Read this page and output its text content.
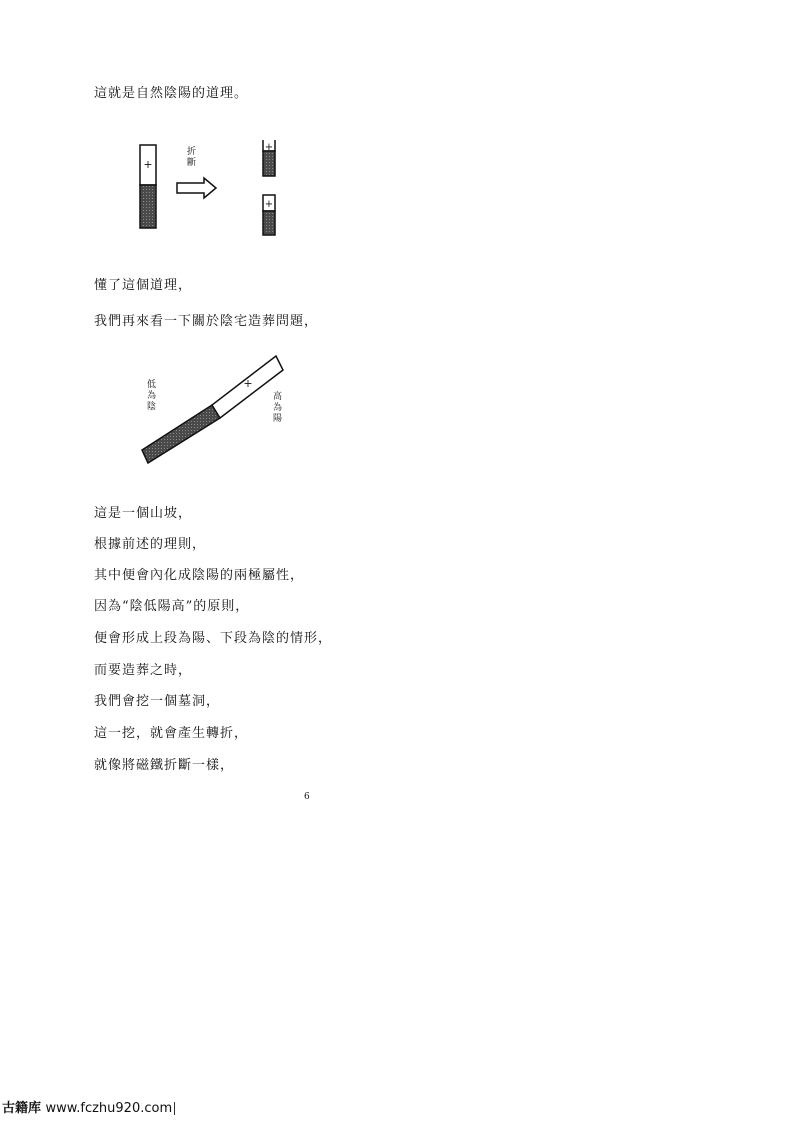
這就是自然陰陽的道理。
+
+
+
折斷
懂了這個道理，
我們再來看一下關於陰宅造葬問題，
+
低為陰	高為陽
這是一個山坡，
根據前述的理則，
其中便會內化成陰陽的兩極屬性，
因為“陰低陽高”的原則，
便會形成上段為陽、下段為陰的情形，
而要造葬之時，
我們會挖一個墓洞，
這一挖，就會產生轉折，
就像將磁鐵折斷一樣，
6
古籍库 www.fczhu920.com
